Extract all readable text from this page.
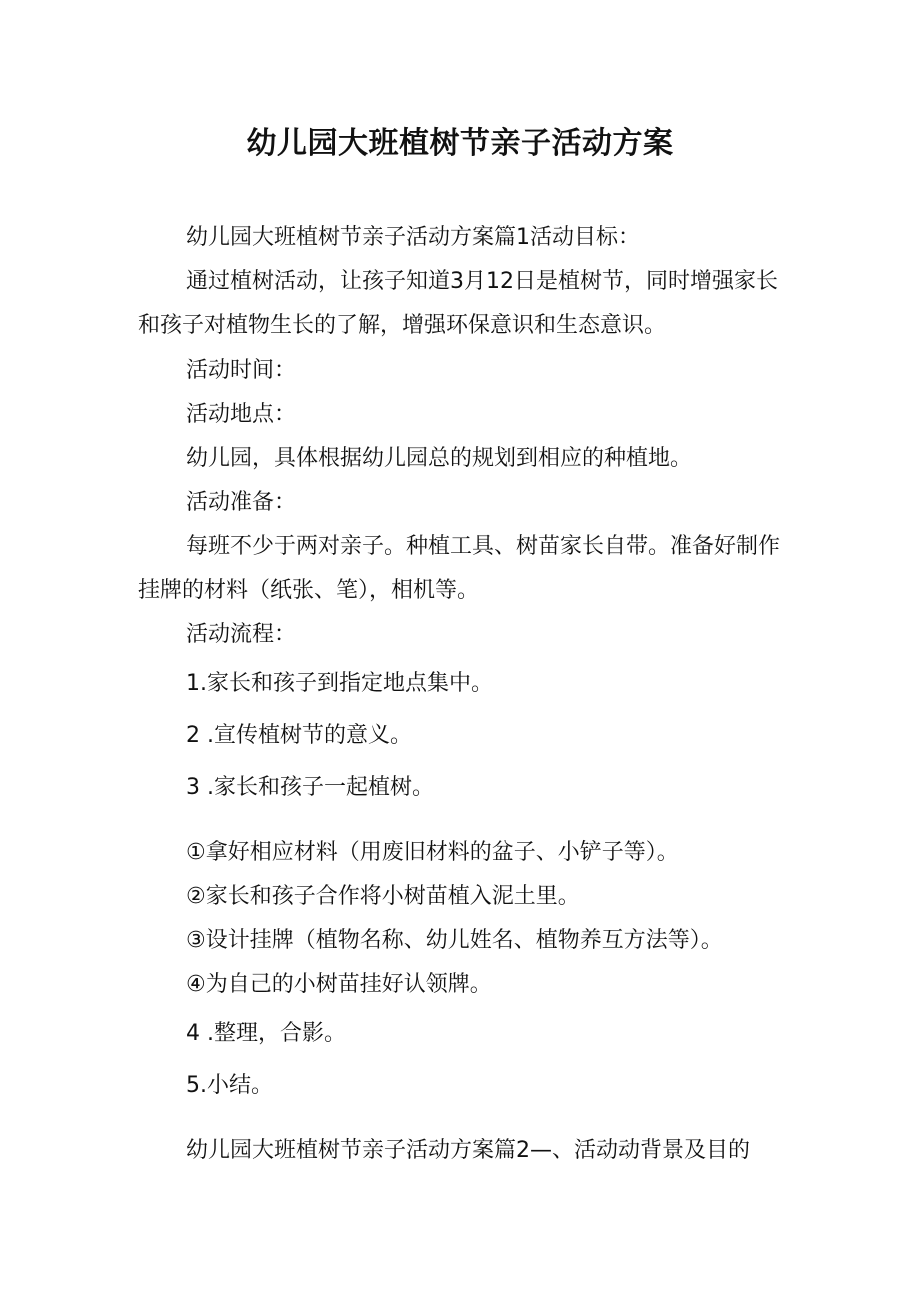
幼儿园大班植树节亲子活动方案
幼儿园大班植树节亲子活动方案篇1活动目标：
通过植树活动，让孩子知道3月12日是植树节，同时增强家长和孩子对植物生长的了解，增强环保意识和生态意识。
活动时间：
活动地点：
幼儿园，具体根据幼儿园总的规划到相应的种植地。
活动准备：
每班不少于两对亲子。种植工具、树苗家长自带。准备好制作挂牌的材料（纸张、笔），相机等。
活动流程：
1.家长和孩子到指定地点集中。
2 .宣传植树节的意义。
3 .家长和孩子一起植树。
①拿好相应材料（用废旧材料的盆子、小铲子等）。
②家长和孩子合作将小树苗植入泥土里。
③设计挂牌（植物名称、幼儿姓名、植物养互方法等）。
④为自己的小树苗挂好认领牌。
4 .整理，合影。
5.小结。
幼儿园大班植树节亲子活动方案篇2—、活动动背景及目的
